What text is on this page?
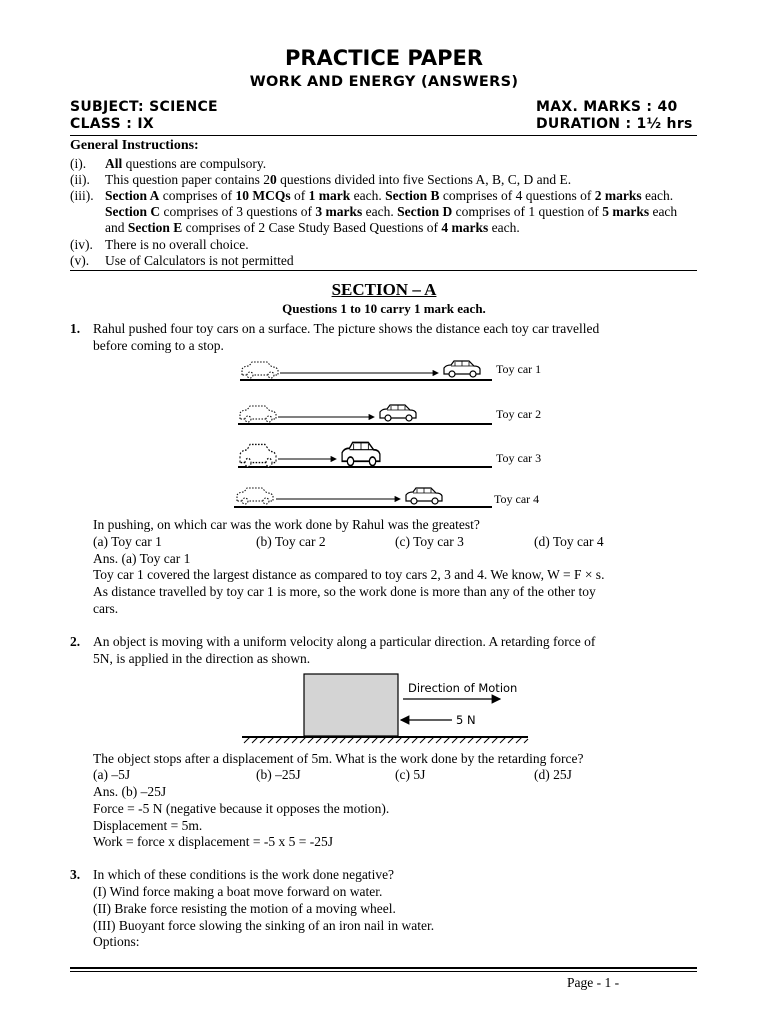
PRACTICE PAPER
WORK AND ENERGY (ANSWERS)
SUBJECT: SCIENCE
CLASS : IX
MAX. MARKS : 40
DURATION : 1½ hrs
General Instructions:
(i). All questions are compulsory.
(ii). This question paper contains 20 questions divided into five Sections A, B, C, D and E.
(iii). Section A comprises of 10 MCQs of 1 mark each. Section B comprises of 4 questions of 2 marks each. Section C comprises of 3 questions of 3 marks each. Section D comprises of 1 question of 5 marks each and Section E comprises of 2 Case Study Based Questions of 4 marks each.
(iv). There is no overall choice.
(v). Use of Calculators is not permitted
SECTION – A
Questions 1 to 10 carry 1 mark each.
1. Rahul pushed four toy cars on a surface. The picture shows the distance each toy car travelled
before coming to a stop.
Toy car 1
Toy car 2
Toy car 3
Toy car 4
In pushing, on which car was the work done by Rahul was the greatest?
(a) Toy car 1	(b) Toy car 2	(c) Toy car 3	(d) Toy car 4
Ans. (a) Toy car 1
Toy car 1 covered the largest distance as compared to toy cars 2, 3 and 4. We know, W = F × s.
As distance travelled by toy car 1 is more, so the work done is more than any of the other toy
cars.
2. An object is moving with a uniform velocity along a particular direction. A retarding force of
5N, is applied in the direction as shown.
Direction of Motion
5 N
The object stops after a displacement of 5m. What is the work done by the retarding force?
(a) –5J	(b) –25J	(c) 5J	(d) 25J
Ans. (b) –25J
Force = -5 N (negative because it opposes the motion).
Displacement = 5m.
Work = force x displacement = -5 x 5 = -25J
3. In which of these conditions is the work done negative?
(I) Wind force making a boat move forward on water.
(II) Brake force resisting the motion of a moving wheel.
(III) Buoyant force slowing the sinking of an iron nail in water.
Options:
Page - 1 -
